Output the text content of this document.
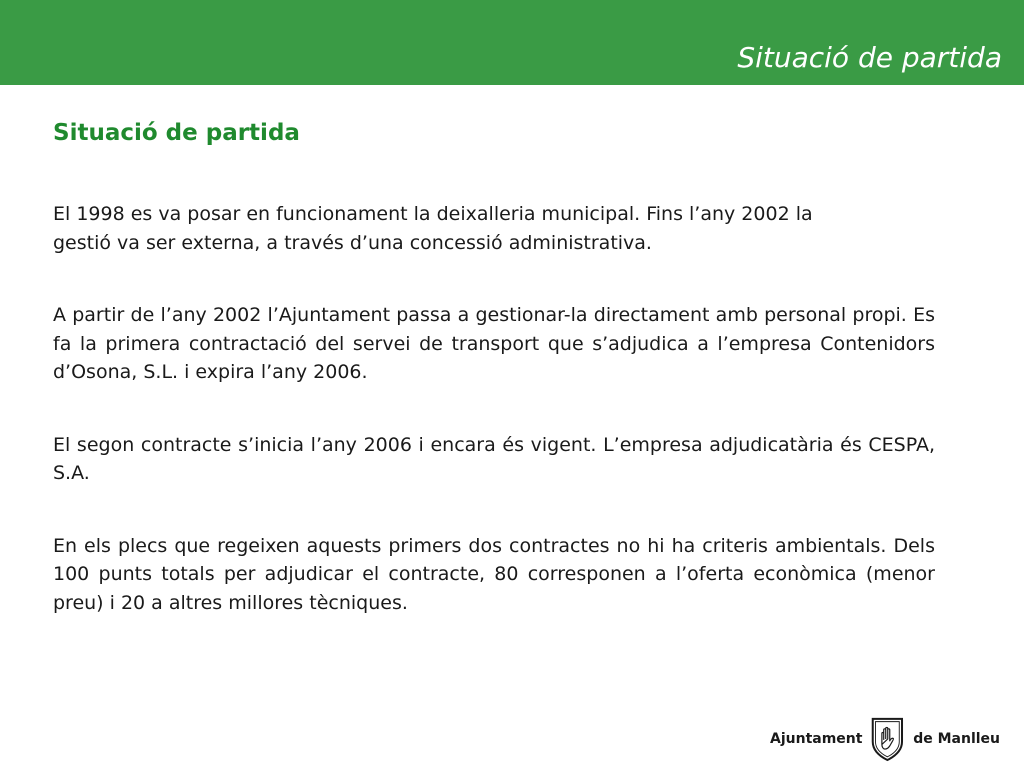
Situació de partida
Situació de partida

El 1998 es va posar en funcionament la deixalleria municipal. Fins l’any 2002 la gestió va ser externa, a través d’una concessió administrativa.

A partir de l’any 2002 l’Ajuntament passa a gestionar-la directament amb personal propi. Es fa la primera contractació del servei de transport que s’adjudica a l’empresa Contenidors d’Osona, S.L. i expira l’any 2006.

El segon contracte s’inicia l’any 2006 i encara és vigent. L’empresa adjudicatària és CESPA, S.A.

En els plecs que regeixen aquests primers dos contractes no hi ha criteris ambientals. Dels 100 punts totals per adjudicar el contracte, 80 corresponen a l’oferta econòmica (menor preu) i 20 a altres millores tècniques.

Ajuntament	de Manlleu
